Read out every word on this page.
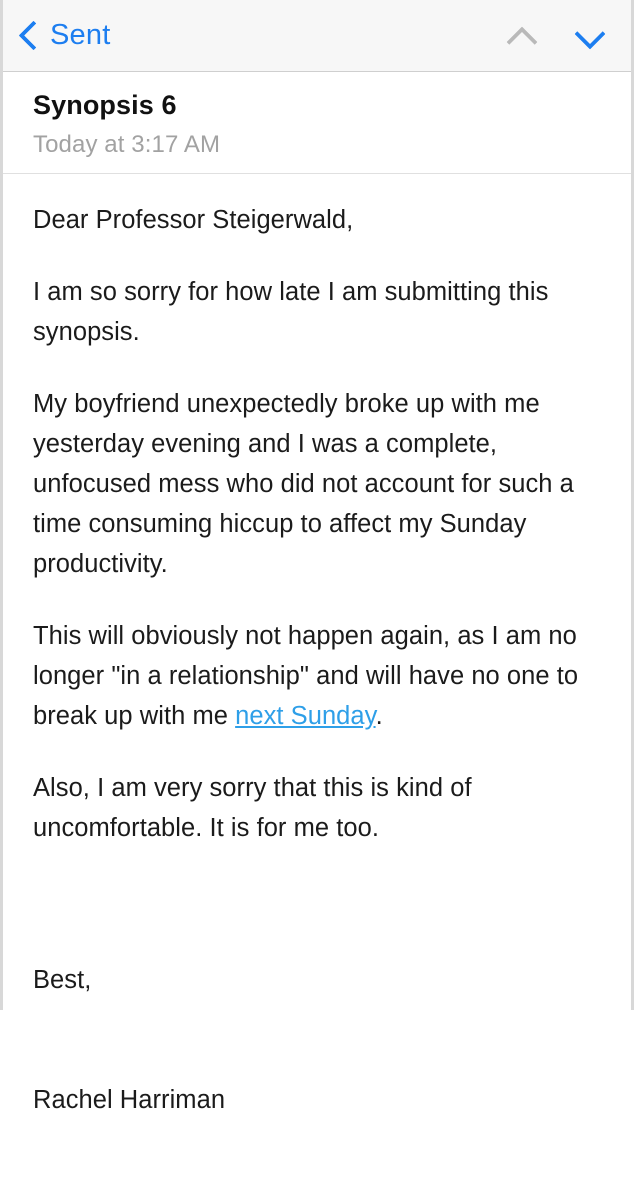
Sent
Synopsis 6
Today at 3:17 AM

Dear Professor Steigerwald,

I am so sorry for how late I am submitting this synopsis.

My boyfriend unexpectedly broke up with me yesterday evening and I was a complete, unfocused mess who did not account for such a time consuming hiccup to affect my Sunday productivity.

This will obviously not happen again, as I am no longer "in a relationship" and will have no one to break up with me next Sunday.

Also, I am very sorry that this is kind of uncomfortable. It is for me too.

Best,

Rachel Harriman
